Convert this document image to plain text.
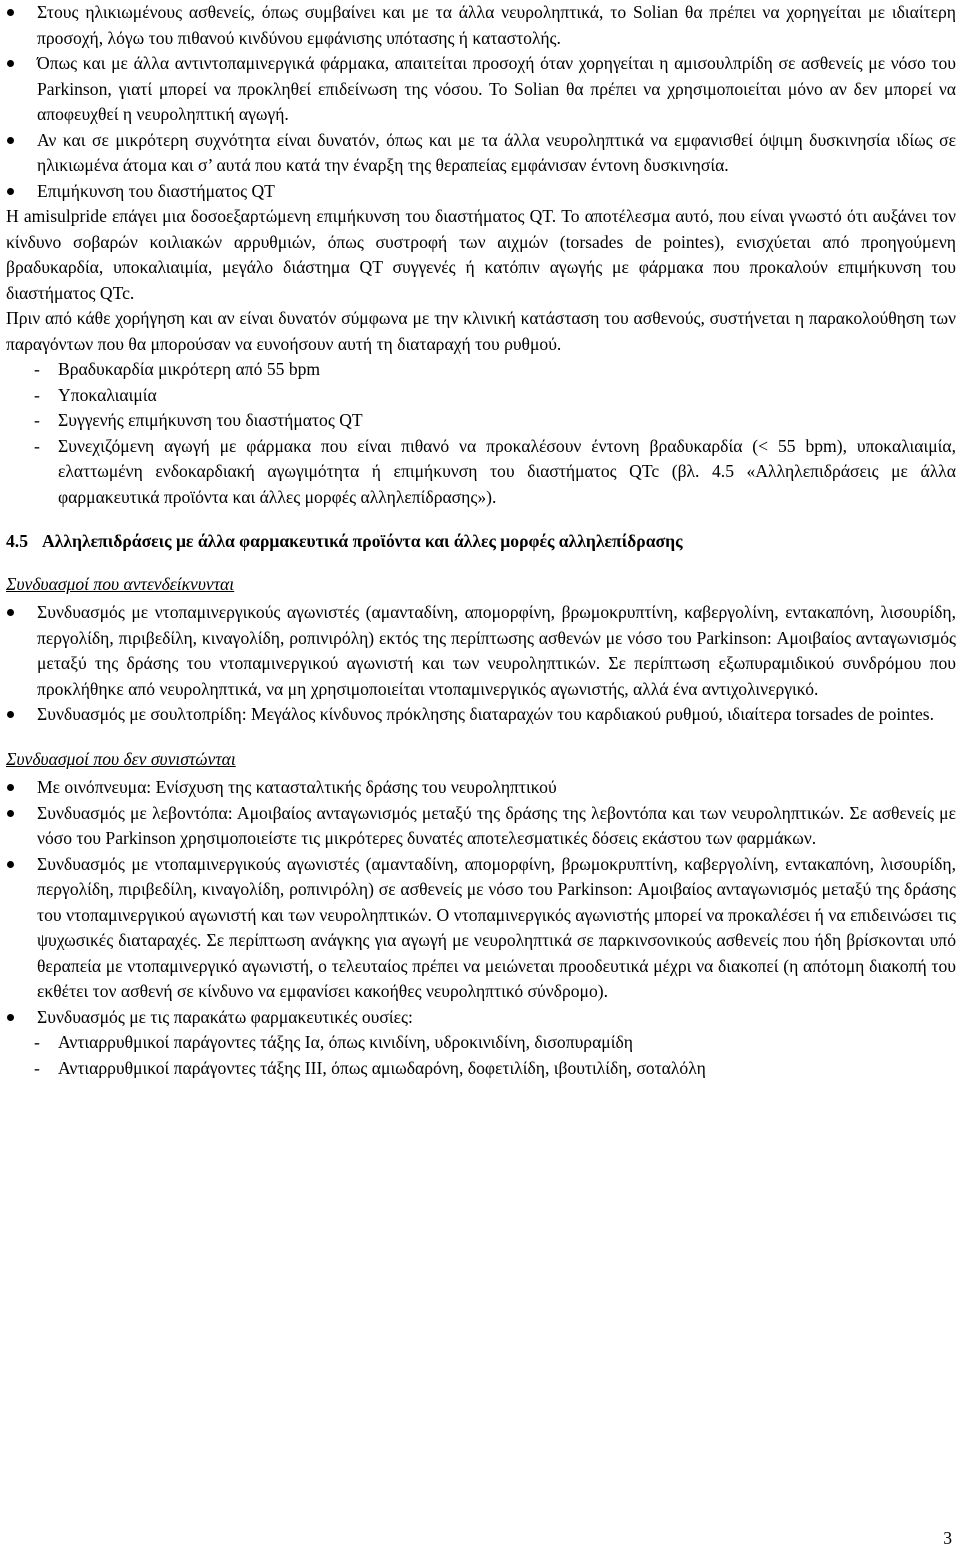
Στους ηλικιωμένους ασθενείς, όπως συμβαίνει και με τα άλλα νευροληπτικά, το Solian θα πρέπει να χορηγείται με ιδιαίτερη προσοχή, λόγω του πιθανού κινδύνου εμφάνισης υπότασης ή καταστολής.
Όπως και με άλλα αντιντοπαμινεργικά φάρμακα, απαιτείται προσοχή όταν χορηγείται η αμισουλπρίδη σε ασθενείς με νόσο του Parkinson, γιατί μπορεί να προκληθεί επιδείνωση της νόσου. Το Solian θα πρέπει να χρησιμοποιείται μόνο αν δεν μπορεί να αποφευχθεί η νευροληπτική αγωγή.
Αν και σε μικρότερη συχνότητα είναι δυνατόν, όπως και με τα άλλα νευροληπτικά να εμφανισθεί όψιμη δυσκινησία ιδίως σε ηλικιωμένα άτομα και σ’ αυτά που κατά την έναρξη της θεραπείας εμφάνισαν έντονη δυσκινησία.
Επιμήκυνση του διαστήματος QT
Η amisulpride επάγει μια δοσοεξαρτώμενη επιμήκυνση του διαστήματος QT. Το αποτέλεσμα αυτό, που είναι γνωστό ότι αυξάνει τον κίνδυνο σοβαρών κοιλιακών αρρυθμιών, όπως συστροφή των αιχμών (torsades de pointes), ενισχύεται από προηγούμενη βραδυκαρδία, υποκαλιαιμία, μεγάλο διάστημα QT συγγενές ή κατόπιν αγωγής με φάρμακα που προκαλούν επιμήκυνση του διαστήματος QTc.
Πριν από κάθε χορήγηση και αν είναι δυνατόν σύμφωνα με την κλινική κατάσταση του ασθενούς, συστήνεται η παρακολούθηση των παραγόντων που θα μπορούσαν να ευνοήσουν αυτή τη διαταραχή του ρυθμού.
- Βραδυκαρδία μικρότερη από 55 bpm
- Υποκαλιαιμία
- Συγγενής επιμήκυνση του διαστήματος QT
- Συνεχιζόμενη αγωγή με φάρμακα που είναι πιθανό να προκαλέσουν έντονη βραδυκαρδία (< 55 bpm), υποκαλιαιμία, ελαττωμένη ενδοκαρδιακή αγωγιμότητα ή επιμήκυνση του διαστήματος QTc (βλ. 4.5 «Αλληλεπιδράσεις με άλλα φαρμακευτικά προϊόντα και άλλες μορφές αλληλεπίδρασης»).
4.5 Αλληλεπιδράσεις με άλλα φαρμακευτικά προϊόντα και άλλες μορφές αλληλεπίδρασης
Συνδυασμοί που αντενδείκνυνται
Συνδυασμός με ντοπαμινεργικούς αγωνιστές (αμανταδίνη, απομορφίνη, βρωμοκρυπτίνη, καβεργολίνη, εντακαπόνη, λισουρίδη, περγολίδη, πιριβεδίλη, κιναγολίδη, ροπινιρόλη) εκτός της περίπτωσης ασθενών με νόσο του Parkinson: Αμοιβαίος ανταγωνισμός μεταξύ της δράσης του ντοπαμινεργικού αγωνιστή και των νευροληπτικών. Σε περίπτωση εξωπυραμιδικού συνδρόμου που προκλήθηκε από νευροληπτικά, να μη χρησιμοποιείται ντοπαμινεργικός αγωνιστής, αλλά ένα αντιχολινεργικό.
Συνδυασμός με σουλτοπρίδη: Μεγάλος κίνδυνος πρόκλησης διαταραχών του καρδιακού ρυθμού, ιδιαίτερα torsades de pointes.
Συνδυασμοί που δεν συνιστώνται
Με οινόπνευμα: Ενίσχυση της κατασταλτικής δράσης του νευροληπτικού
Συνδυασμός με λεβοντόπα: Αμοιβαίος ανταγωνισμός μεταξύ της δράσης της λεβοντόπα και των νευροληπτικών. Σε ασθενείς με νόσο του Parkinson χρησιμοποιείστε τις μικρότερες δυνατές αποτελεσματικές δόσεις εκάστου των φαρμάκων.
Συνδυασμός με ντοπαμινεργικούς αγωνιστές (αμανταδίνη, απομορφίνη, βρωμοκρυπτίνη, καβεργολίνη, εντακαπόνη, λισουρίδη, περγολίδη, πιριβεδίλη, κιναγολίδη, ροπινιρόλη) σε ασθενείς με νόσο του Parkinson: Αμοιβαίος ανταγωνισμός μεταξύ της δράσης του ντοπαμινεργικού αγωνιστή και των νευροληπτικών. Ο ντοπαμινεργικός αγωνιστής μπορεί να προκαλέσει ή να επιδεινώσει τις ψυχωσικές διαταραχές. Σε περίπτωση ανάγκης για αγωγή με νευροληπτικά σε παρκινσονικούς ασθενείς που ήδη βρίσκονται υπό θεραπεία με ντοπαμινεργικό αγωνιστή, ο τελευταίος πρέπει να μειώνεται προοδευτικά μέχρι να διακοπεί (η απότομη διακοπή του εκθέτει τον ασθενή σε κίνδυνο να εμφανίσει κακοήθες νευροληπτικό σύνδρομο).
Συνδυασμός με τις παρακάτω φαρμακευτικές ουσίες:
- Αντιαρρυθμικοί παράγοντες τάξης Ια, όπως κινιδίνη, υδροκινιδίνη, δισοπυραμίδη
- Αντιαρρυθμικοί παράγοντες τάξης III, όπως αμιωδαρόνη, δοφετιλίδη, ιβουτιλίδη, σοταλόλη
3
